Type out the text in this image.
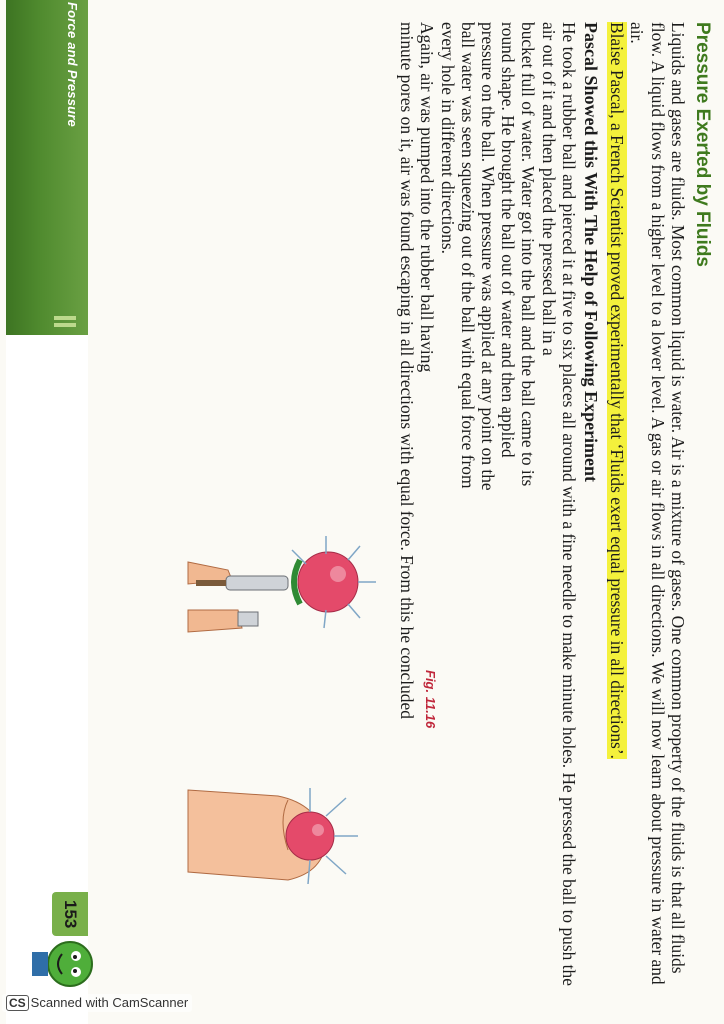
Pressure Exerted by Fluids

Liquids and gases are fluids. Most common liquid is water. Air is a mixture of gases. One common property of the fluids is that all fluids flow. A liquid flows from a higher level to a lower level. A gas or air flows in all directions. We will now learn about pressure in water and air.

Blaise Pascal, a French Scientist proved experimentally that ‘Fluids exert equal pressure in all directions’.

Pascal Showed this With The Help of Following Experiment

He took a rubber ball and pierced it at five to six places all around with a fine needle to make minute holes. He pressed the ball to push the air out of it and then placed the pressed ball in a

bucket full of water. Water got into the ball and the ball came to its round shape. He brought the ball out of water and then applied pressure on the ball. When pressure was applied at any point on the ball water was seen squeezing out of the ball with equal force from every hole in different directions.

Again, air was pumped into the rubber ball having

minute pores on it, air was found escaping in all directions with equal force. From this he concluded Fig. 11.16
Force and Pressure
153
CS Scanned with CamScanner
